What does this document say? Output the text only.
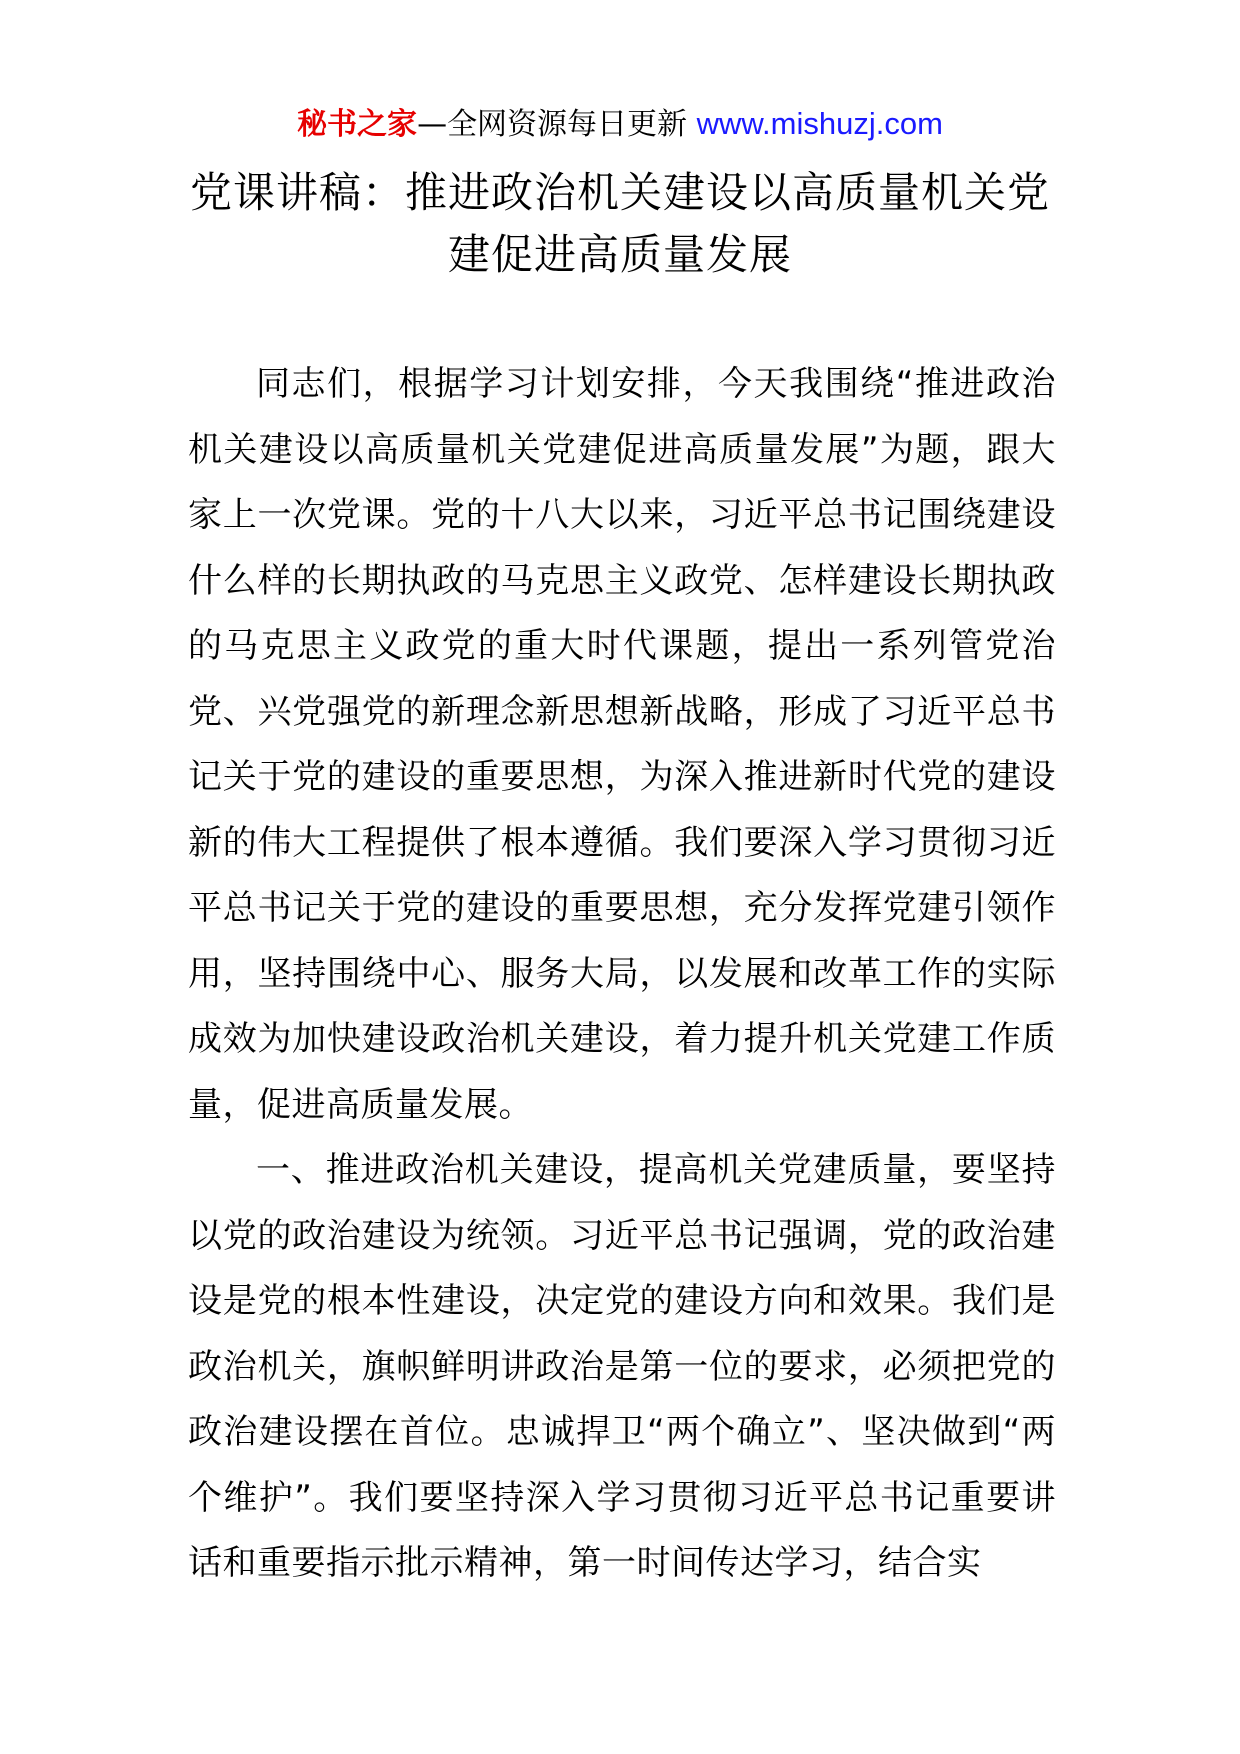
秘书之家—全网资源每日更新 www.mishuzj.com
党课讲稿：推进政治机关建设以高质量机关党
建促进高质量发展

同志们，根据学习计划安排，今天我围绕“推进政治机关建设以高质量机关党建促进高质量发展”为题，跟大家上一次党课。党的十八大以来，习近平总书记围绕建设什么样的长期执政的马克思主义政党、怎样建设长期执政的马克思主义政党的重大时代课题，提出一系列管党治党、兴党强党的新理念新思想新战略，形成了习近平总书记关于党的建设的重要思想，为深入推进新时代党的建设新的伟大工程提供了根本遵循。我们要深入学习贯彻习近平总书记关于党的建设的重要思想，充分发挥党建引领作用，坚持围绕中心、服务大局，以发展和改革工作的实际成效为加快建设政治机关建设，着力提升机关党建工作质量，促进高质量发展。

一、推进政治机关建设，提高机关党建质量，要坚持以党的政治建设为统领。习近平总书记强调，党的政治建设是党的根本性建设，决定党的建设方向和效果。我们是政治机关，旗帜鲜明讲政治是第一位的要求，必须把党的政治建设摆在首位。忠诚捍卫“两个确立”、坚决做到“两个维护”。我们要坚持深入学习贯彻习近平总书记重要讲话和重要指示批示精神，第一时间传达学习，结合实
